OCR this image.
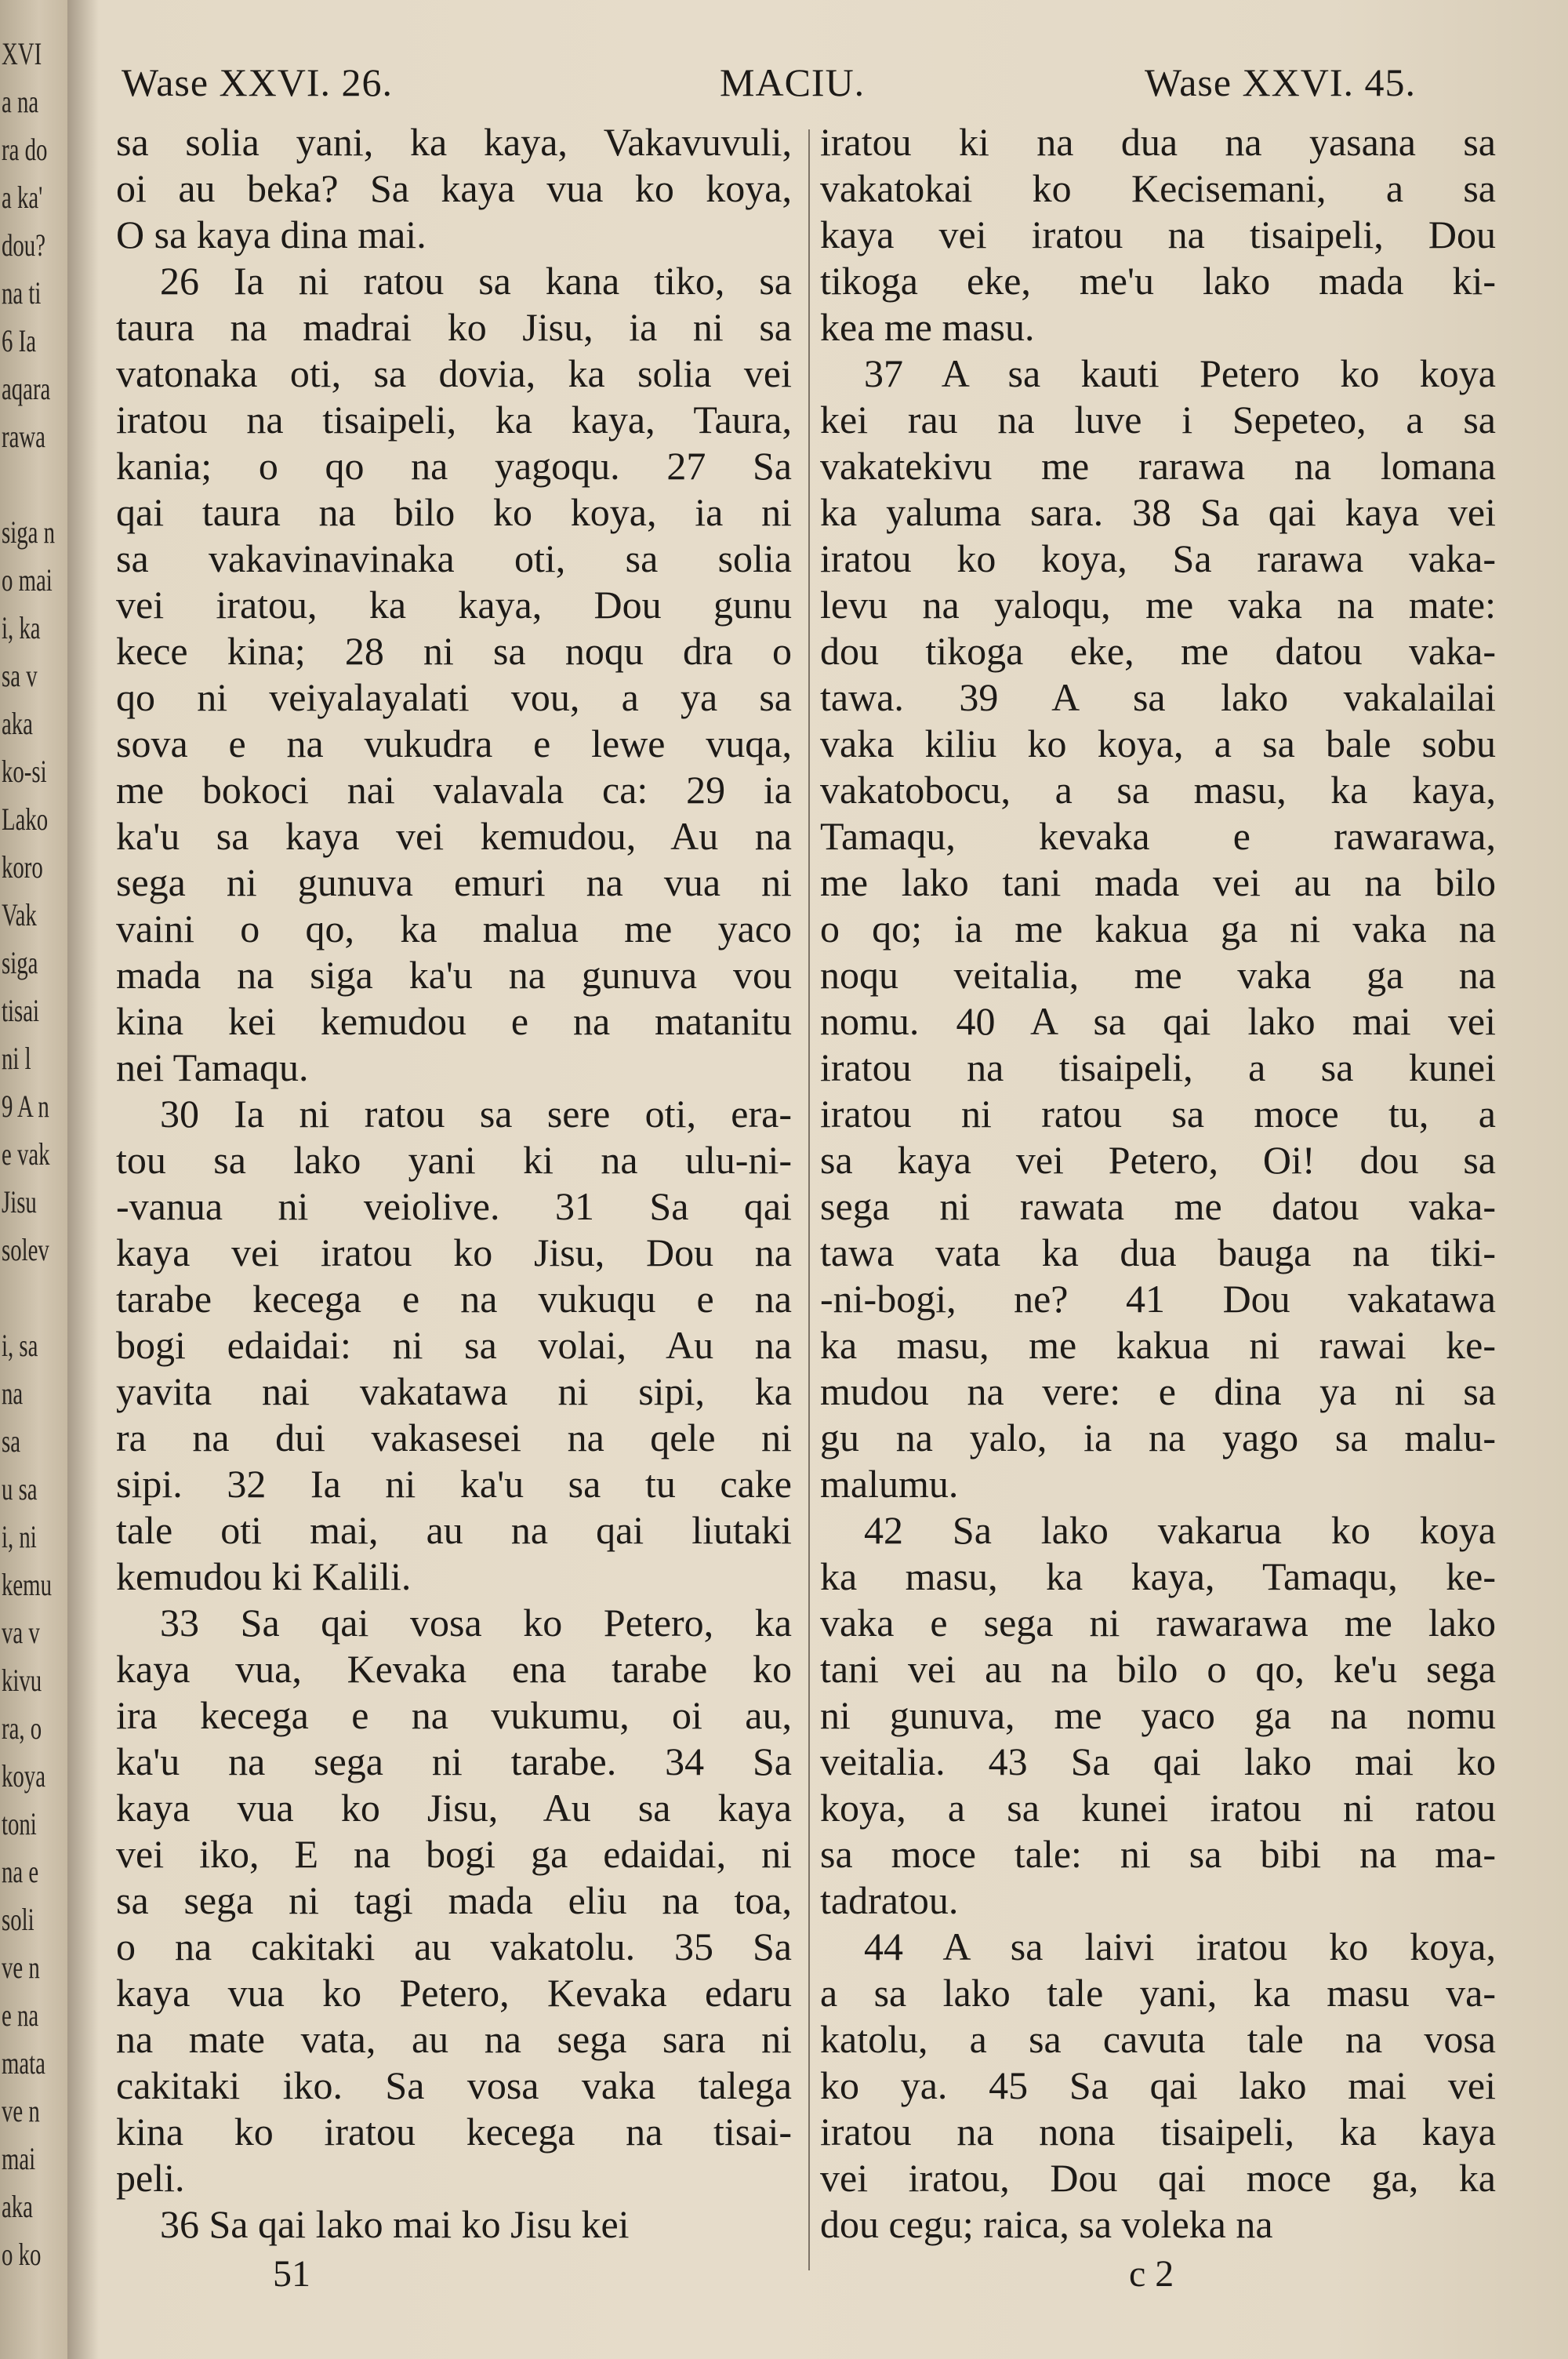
XVI
a na
ra do
a ka'
dou?
na ti
6 Ia
aqara
rawa
siga n
o mai
i, ka
sa v
aka
ko-si
Lako
koro
Vak
siga
tisai
ni l
9 A n
e vak
Jisu
solev
i, sa
na
sa
u sa
i, ni
kemu
va v
kivu
ra, o
koya
toni
na e
soli
ve n
e na
mata
ve n
mai
aka
o ko
Wase XXVI. 26.	MACIU.	Wase XXVI. 45.
sa solia yani, ka kaya, Vakavuvuli,
oi au beka? Sa kaya vua ko koya,
O sa kaya dina mai.
26 Ia ni ratou sa kana tiko, sa
taura na madrai ko Jisu, ia ni sa
vatonaka oti, sa dovia, ka solia vei
iratou na tisaipeli, ka kaya, Taura,
kania; o qo na yagoqu. 27 Sa
qai taura na bilo ko koya, ia ni
sa vakavinavinaka oti, sa solia
vei iratou, ka kaya, Dou gunu
kece kina; 28 ni sa noqu dra o
qo ni veiyalayalati vou, a ya sa
sova e na vukudra e lewe vuqa,
me bokoci nai valavala ca: 29 ia
ka'u sa kaya vei kemudou, Au na
sega ni gunuva emuri na vua ni
vaini o qo, ka malua me yaco
mada na siga ka'u na gunuva vou
kina kei kemudou e na matanitu
nei Tamaqu.
30 Ia ni ratou sa sere oti, era-
tou sa lako yani ki na ulu-ni-
-vanua ni veiolive. 31 Sa qai
kaya vei iratou ko Jisu, Dou na
tarabe kecega e na vukuqu e na
bogi edaidai: ni sa volai, Au na
yavita nai vakatawa ni sipi, ka
ra na dui vakasesei na qele ni
sipi. 32 Ia ni ka'u sa tu cake
tale oti mai, au na qai liutaki
kemudou ki Kalili.
33 Sa qai vosa ko Petero, ka
kaya vua, Kevaka ena tarabe ko
ira kecega e na vukumu, oi au,
ka'u na sega ni tarabe. 34 Sa
kaya vua ko Jisu, Au sa kaya
vei iko, E na bogi ga edaidai, ni
sa sega ni tagi mada eliu na toa,
o na cakitaki au vakatolu. 35 Sa
kaya vua ko Petero, Kevaka edaru
na mate vata, au na sega sara ni
cakitaki iko. Sa vosa vaka talega
kina ko iratou kecega na tisai-
peli.
36 Sa qai lako mai ko Jisu kei
iratou ki na dua na yasana sa
vakatokai ko Kecisemani, a sa
kaya vei iratou na tisaipeli, Dou
tikoga eke, me'u lako mada ki-
kea me masu.
37 A sa kauti Petero ko koya
kei rau na luve i Sepeteo, a sa
vakatekivu me rarawa na lomana
ka yaluma sara. 38 Sa qai kaya vei
iratou ko koya, Sa rarawa vaka-
levu na yaloqu, me vaka na mate:
dou tikoga eke, me datou vaka-
tawa. 39 A sa lako vakalailai
vaka kiliu ko koya, a sa bale sobu
vakatobocu, a sa masu, ka kaya,
Tamaqu, kevaka e rawarawa,
me lako tani mada vei au na bilo
o qo; ia me kakua ga ni vaka na
noqu veitalia, me vaka ga na
nomu. 40 A sa qai lako mai vei
iratou na tisaipeli, a sa kunei
iratou ni ratou sa moce tu, a
sa kaya vei Petero, Oi! dou sa
sega ni rawata me datou vaka-
tawa vata ka dua bauga na tiki-
-ni-bogi, ne? 41 Dou vakatawa
ka masu, me kakua ni rawai ke-
mudou na vere: e dina ya ni sa
gu na yalo, ia na yago sa malu-
malumu.
42 Sa lako vakarua ko koya
ka masu, ka kaya, Tamaqu, ke-
vaka e sega ni rawarawa me lako
tani vei au na bilo o qo, ke'u sega
ni gunuva, me yaco ga na nomu
veitalia. 43 Sa qai lako mai ko
koya, a sa kunei iratou ni ratou
sa moce tale: ni sa bibi na ma-
tadratou.
44 A sa laivi iratou ko koya,
a sa lako tale yani, ka masu va-
katolu, a sa cavuta tale na vosa
ko ya. 45 Sa qai lako mai vei
iratou na nona tisaipeli, ka kaya
vei iratou, Dou qai moce ga, ka
dou cegu; raica, sa voleka na
51	c 2
